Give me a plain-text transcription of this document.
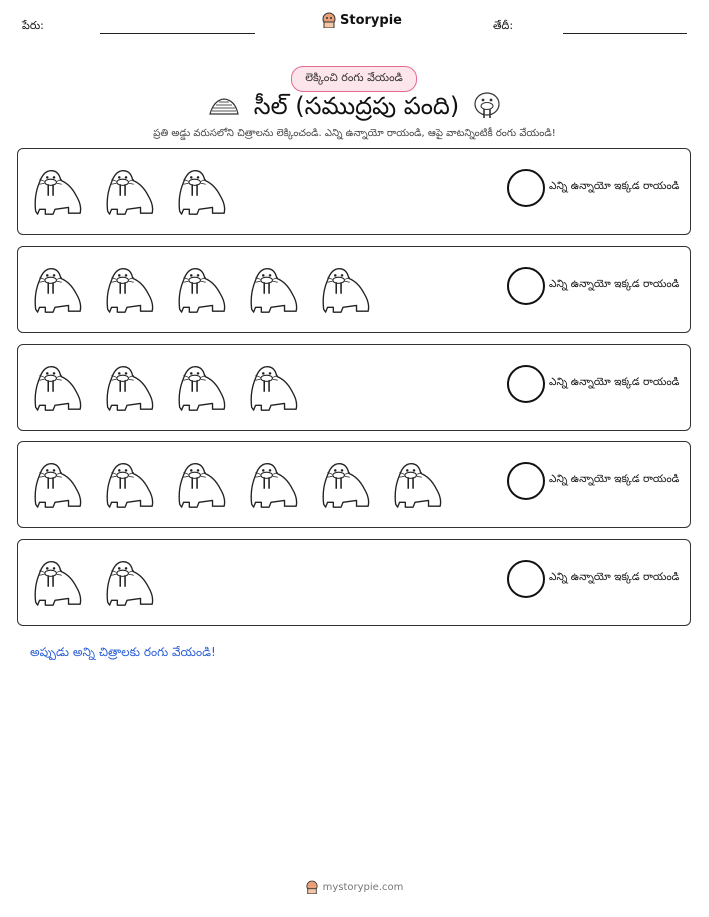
పేరు:	Storypie	తేదీ:
లెక్కించి రంగు వేయండి
సీల్ (సముద్రపు పంది)
ప్రతి అడ్డు వరుసలోని చిత్రాలను లెక్కించండి. ఎన్ని ఉన్నాయో రాయండి, ఆపై వాటన్నింటికీ రంగు వేయండి!
ఎన్ని ఉన్నాయో ఇక్కడ రాయండి
ఎన్ని ఉన్నాయో ఇక్కడ రాయండి
ఎన్ని ఉన్నాయో ఇక్కడ రాయండి
ఎన్ని ఉన్నాయో ఇక్కడ రాయండి
ఎన్ని ఉన్నాయో ఇక్కడ రాయండి
అప్పుడు అన్ని చిత్రాలకు రంగు వేయండి!
mystorypie.com
